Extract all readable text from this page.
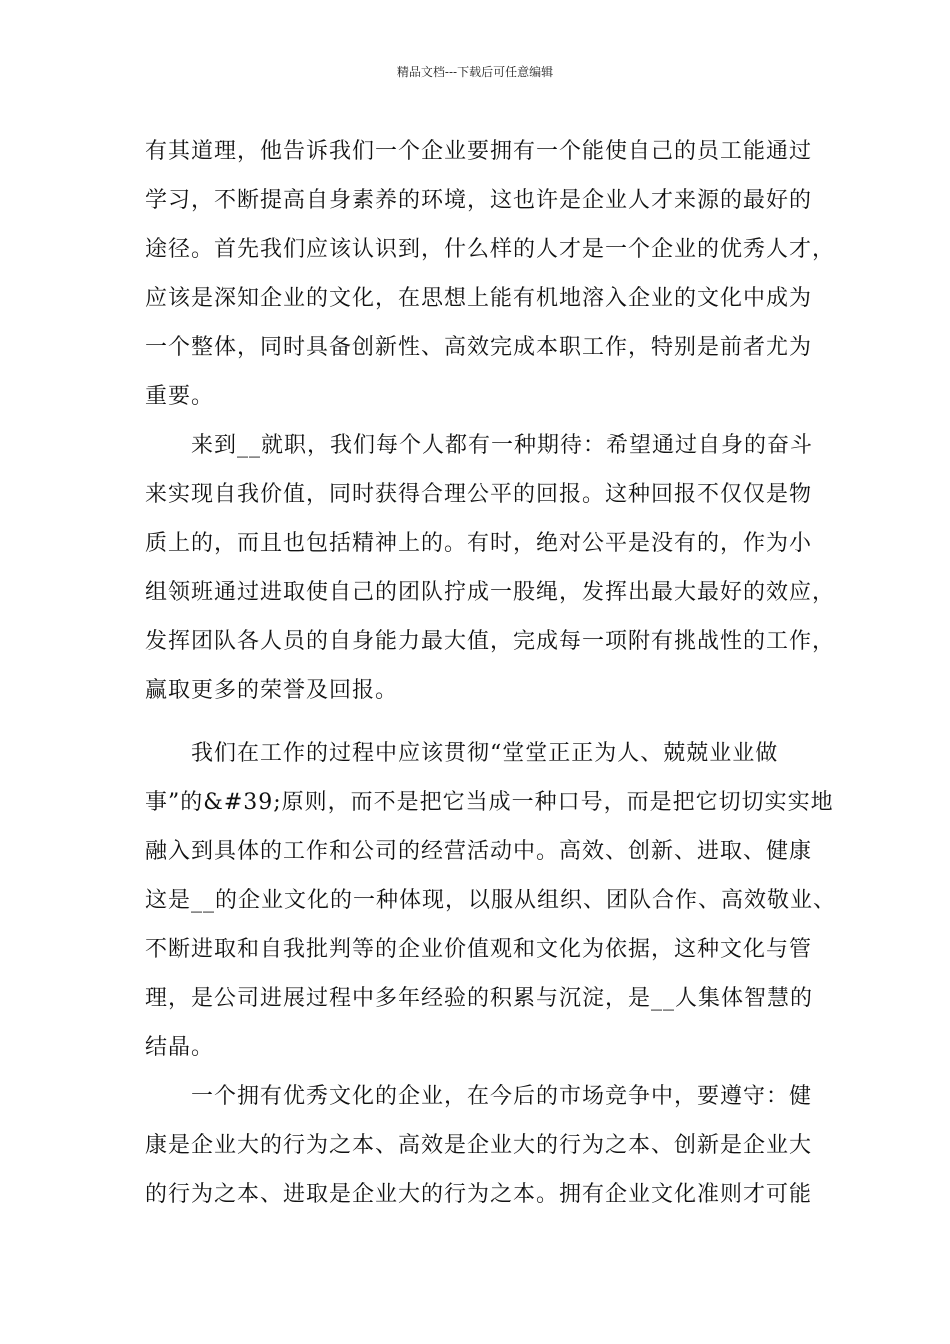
精品文档---下载后可任意编辑
有其道理，他告诉我们一个企业要拥有一个能使自己的员工能通过
学习，不断提高自身素养的环境，这也许是企业人才来源的最好的
途径。首先我们应该认识到，什么样的人才是一个企业的优秀人才，
应该是深知企业的文化，在思想上能有机地溶入企业的文化中成为
一个整体，同时具备创新性、高效完成本职工作，特别是前者尤为
重要。
　　来到__就职，我们每个人都有一种期待：希望通过自身的奋斗
来实现自我价值，同时获得合理公平的回报。这种回报不仅仅是物
质上的，而且也包括精神上的。有时，绝对公平是没有的，作为小
组领班通过进取使自己的团队拧成一股绳，发挥出最大最好的效应，
发挥团队各人员的自身能力最大值，完成每一项附有挑战性的工作，
赢取更多的荣誉及回报。
　　我们在工作的过程中应该贯彻“堂堂正正为人、兢兢业业做
事”的&#39;原则，而不是把它当成一种口号，而是把它切切实实地
融入到具体的工作和公司的经营活动中。高效、创新、进取、健康
这是__的企业文化的一种体现，以服从组织、团队合作、高效敬业、
不断进取和自我批判等的企业价值观和文化为依据，这种文化与管
理，是公司进展过程中多年经验的积累与沉淀，是__人集体智慧的
结晶。
　　一个拥有优秀文化的企业，在今后的市场竞争中，要遵守：健
康是企业大的行为之本、高效是企业大的行为之本、创新是企业大
的行为之本、进取是企业大的行为之本。拥有企业文化准则才可能
